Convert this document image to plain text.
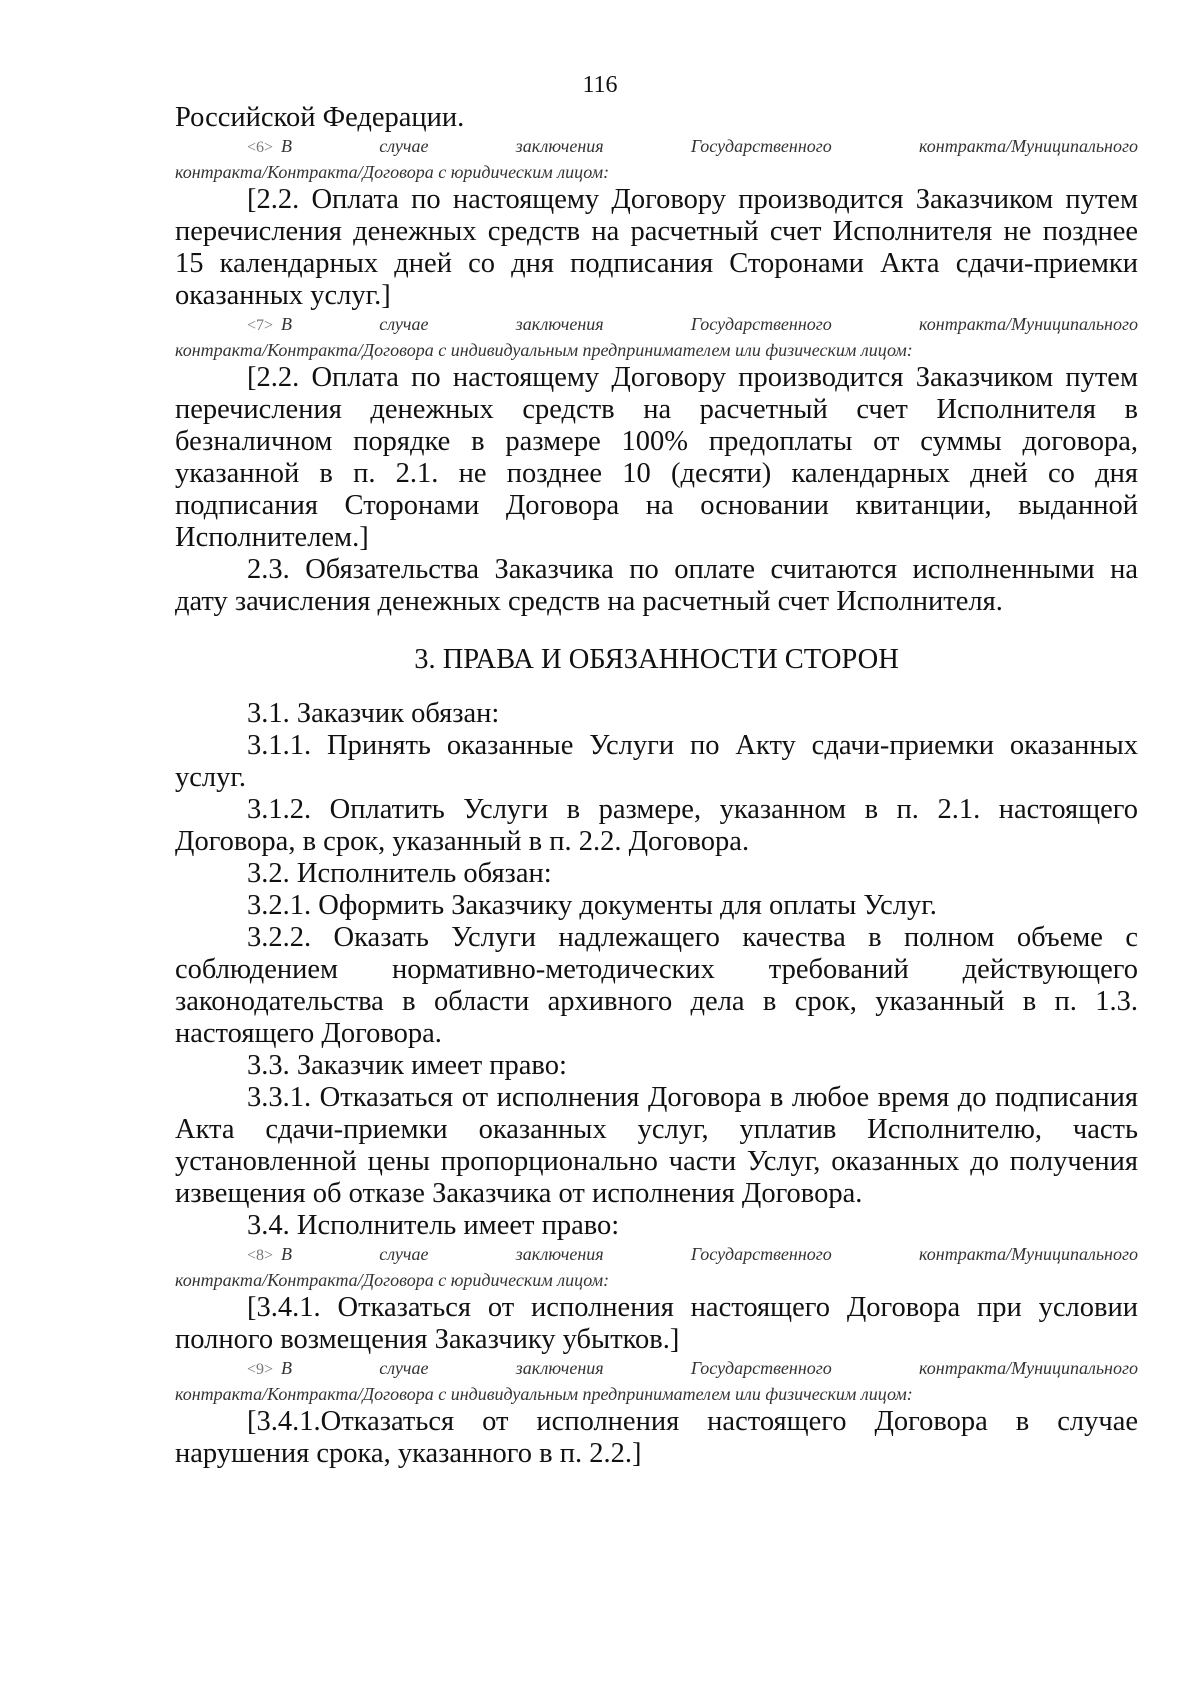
116

Российской Федерации.

<6> В случае заключения Государственного контракта/Муниципального

контракта/Контракта/Договора с юридическим лицом:

[2.2. Оплата по настоящему Договору производится Заказчиком путем перечисления денежных средств на расчетный счет Исполнителя не позднее 15 календарных дней со дня подписания Сторонами Акта сдачи-приемки оказанных услуг.]

<7> В случае заключения Государственного контракта/Муниципального

контракта/Контракта/Договора с индивидуальным предпринимателем или физическим лицом:

[2.2. Оплата по настоящему Договору производится Заказчиком путем перечисления денежных средств на расчетный счет Исполнителя в безналичном порядке в размере 100% предоплаты от суммы договора, указанной в п. 2.1. не позднее 10 (десяти) календарных дней со дня подписания Сторонами Договора на основании квитанции, выданной Исполнителем.]

2.3. Обязательства Заказчика по оплате считаются исполненными на дату зачисления денежных средств на расчетный счет Исполнителя.

3. ПРАВА И ОБЯЗАННОСТИ СТОРОН

3.1. Заказчик обязан:

3.1.1. Принять оказанные Услуги по Акту сдачи-приемки оказанных услуг.

3.1.2. Оплатить Услуги в размере, указанном в п. 2.1. настоящего Договора, в срок, указанный в п. 2.2. Договора.

3.2. Исполнитель обязан:

3.2.1. Оформить Заказчику документы для оплаты Услуг.

3.2.2. Оказать Услуги надлежащего качества в полном объеме с соблюдением нормативно-методических требований действующего законодательства в области архивного дела в срок, указанный в п. 1.3. настоящего Договора.

3.3. Заказчик имеет право:

3.3.1. Отказаться от исполнения Договора в любое время до подписания Акта сдачи-приемки оказанных услуг, уплатив Исполнителю, часть установленной цены пропорционально части Услуг, оказанных до получения извещения об отказе Заказчика от исполнения Договора.

3.4. Исполнитель имеет право:

<8> В случае заключения Государственного контракта/Муниципального

контракта/Контракта/Договора с юридическим лицом:

[3.4.1. Отказаться от исполнения настоящего Договора при условии полного возмещения Заказчику убытков.]

<9> В случае заключения Государственного контракта/Муниципального

контракта/Контракта/Договора с индивидуальным предпринимателем или физическим лицом:

[3.4.1.Отказаться от исполнения настоящего Договора в случае нарушения срока, указанного в п. 2.2.]
